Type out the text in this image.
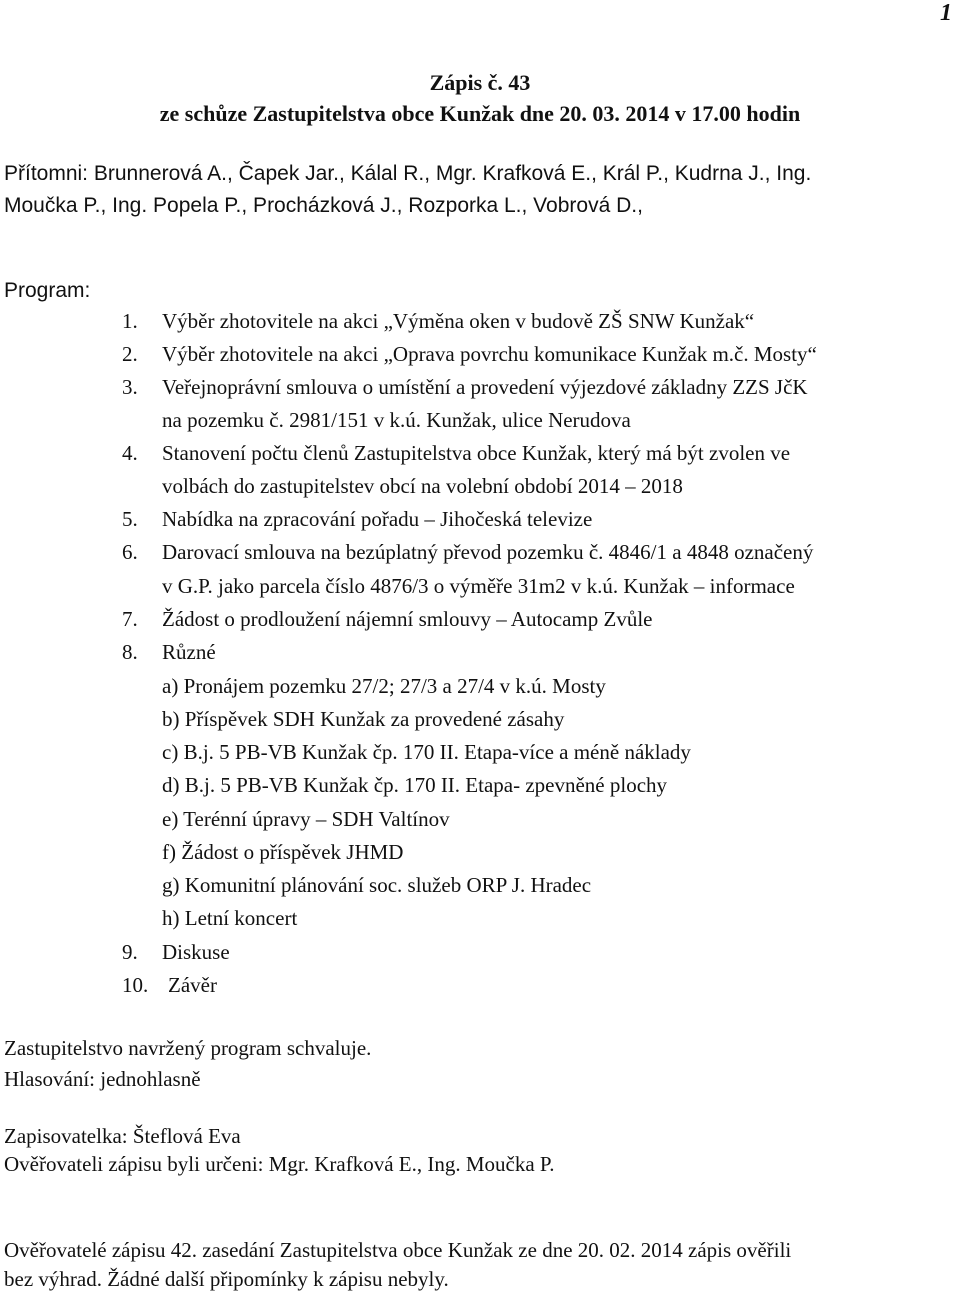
1
Zápis č. 43
ze schůze Zastupitelstva obce Kunžak dne 20. 03. 2014 v 17.00 hodin
Přítomni: Brunnerová A., Čapek Jar., Kálal R., Mgr. Krafková E., Král P., Kudrna J., Ing.
Moučka P., Ing. Popela P., Procházková J., Rozporka L., Vobrová D.,
Program:
1. Výběr zhotovitele na akci „Výměna oken v budově ZŠ SNW Kunžak“
2. Výběr zhotovitele na akci „Oprava povrchu komunikace Kunžak m.č. Mosty“
3. Veřejnoprávní smlouva o umístění a provedení výjezdové základny ZZS JčK
na pozemku č. 2981/151 v k.ú. Kunžak, ulice Nerudova
4. Stanovení počtu členů Zastupitelstva obce Kunžak, který má být zvolen ve
volbách do zastupitelstev obcí na volební období 2014 – 2018
5. Nabídka na zpracování pořadu – Jihočeská televize
6. Darovací smlouva na bezúplatný převod pozemku č. 4846/1 a 4848 označený
v G.P. jako parcela číslo 4876/3 o výměře 31m2 v k.ú. Kunžak – informace
7. Žádost o prodloužení nájemní smlouvy – Autocamp Zvůle
8. Různé
a) Pronájem pozemku 27/2; 27/3 a 27/4 v k.ú. Mosty
b) Příspěvek SDH Kunžak za provedené zásahy
c) B.j. 5 PB-VB Kunžak čp. 170 II. Etapa-více a méně náklady
d) B.j. 5 PB-VB Kunžak čp. 170 II. Etapa- zpevněné plochy
e) Terénní úpravy – SDH Valtínov
f) Žádost o příspěvek JHMD
g) Komunitní plánování soc. služeb ORP J. Hradec
h) Letní koncert
9. Diskuse
10. Závěr
Zastupitelstvo navržený program schvaluje.
Hlasování: jednohlasně
Zapisovatelka: Šteflová Eva
Ověřovateli zápisu byli určeni: Mgr. Krafková E., Ing. Moučka P.
Ověřovatelé zápisu 42. zasedání Zastupitelstva obce Kunžak ze dne 20. 02. 2014 zápis ověřili
bez výhrad. Žádné další připomínky k zápisu nebyly.
